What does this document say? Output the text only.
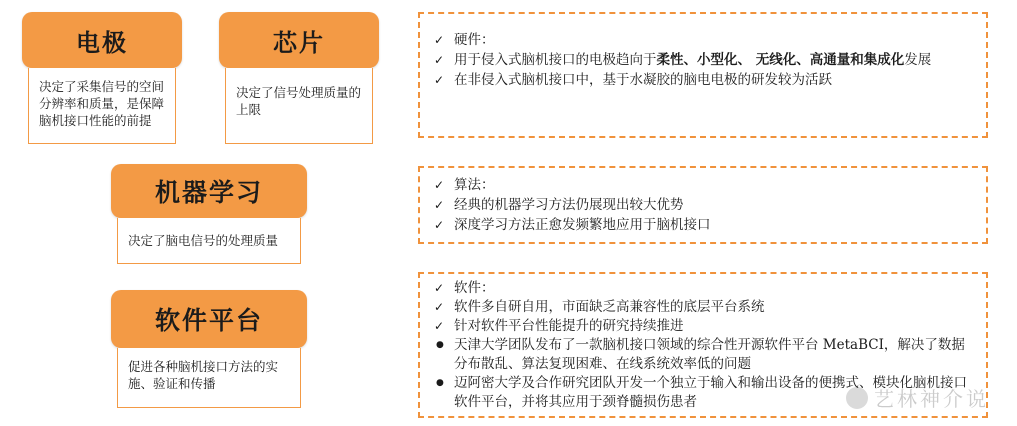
电极
决定了采集信号的空间分辨率和质量，是保障脑机接口性能的前提
芯片
决定了信号处理质量的上限
机器学习
决定了脑电信号的处理质量
软件平台
促进各种脑机接口方法的实施、验证和传播
✓ 硬件：
✓ 用于侵入式脑机接口的电极趋向于柔性、小型化、 无线化、高通量和集成化发展
✓ 在非侵入式脑机接口中，基于水凝胶的脑电电极的研发较为活跃
✓ 算法：
✓ 经典的机器学习方法仍展现出较大优势
✓ 深度学习方法正愈发频繁地应用于脑机接口
✓ 软件：
✓ 软件多自研自用，市面缺乏高兼容性的底层平台系统
✓ 针对软件平台性能提升的研究持续推进
● 天津大学团队发布了一款脑机接口领域的综合性开源软件平台 MetaBCI，解决了数据分布散乱、算法复现困难、在线系统效率低的问题
● 迈阿密大学及合作研究团队开发一个独立于输入和输出设备的便携式、模块化脑机接口软件平台，并将其应用于颈脊髓损伤患者	艺林神介说
